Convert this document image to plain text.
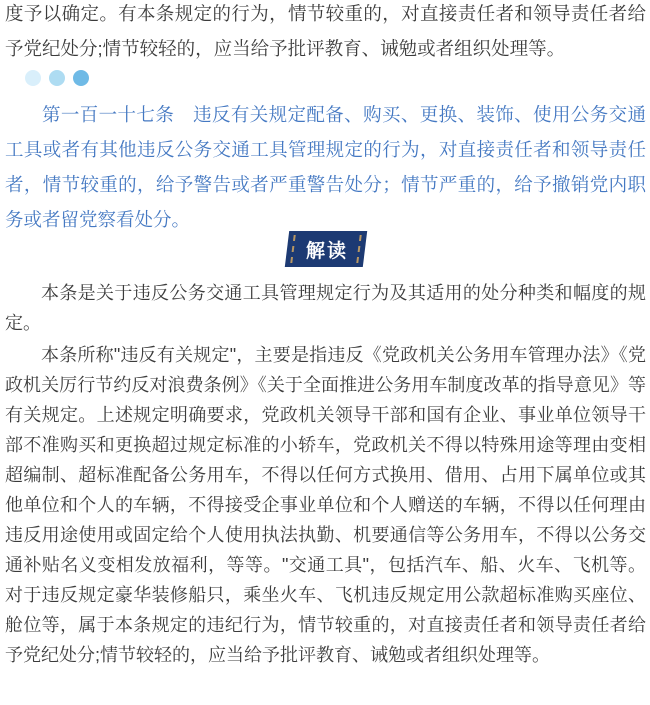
度予以确定。有本条规定的行为，情节较重的，对直接责任者和领导责任者给予党纪处分;情节较轻的，应当给予批评教育、诫勉或者组织处理等。

第一百一十七条　违反有关规定配备、购买、更换、装饰、使用公务交通工具或者有其他违反公务交通工具管理规定的行为，对直接责任者和领导责任者，情节较重的，给予警告或者严重警告处分；情节严重的，给予撤销党内职务或者留党察看处分。

解读

本条是关于违反公务交通工具管理规定行为及其适用的处分种类和幅度的规定。

本条所称"违反有关规定"，主要是指违反《党政机关公务用车管理办法》《党政机关厉行节约反对浪费条例》《关于全面推进公务用车制度改革的指导意见》等有关规定。上述规定明确要求，党政机关领导干部和国有企业、事业单位领导干部不准购买和更换超过规定标准的小轿车，党政机关不得以特殊用途等理由变相超编制、超标准配备公务用车，不得以任何方式换用、借用、占用下属单位或其他单位和个人的车辆，不得接受企事业单位和个人赠送的车辆，不得以任何理由违反用途使用或固定给个人使用执法执勤、机要通信等公务用车，不得以公务交通补贴名义变相发放福利，等等。"交通工具"，包括汽车、船、火车、飞机等。对于违反规定豪华装修船只，乘坐火车、飞机违反规定用公款超标准购买座位、舱位等，属于本条规定的违纪行为，情节较重的，对直接责任者和领导责任者给予党纪处分;情节较轻的，应当给予批评教育、诫勉或者组织处理等。
